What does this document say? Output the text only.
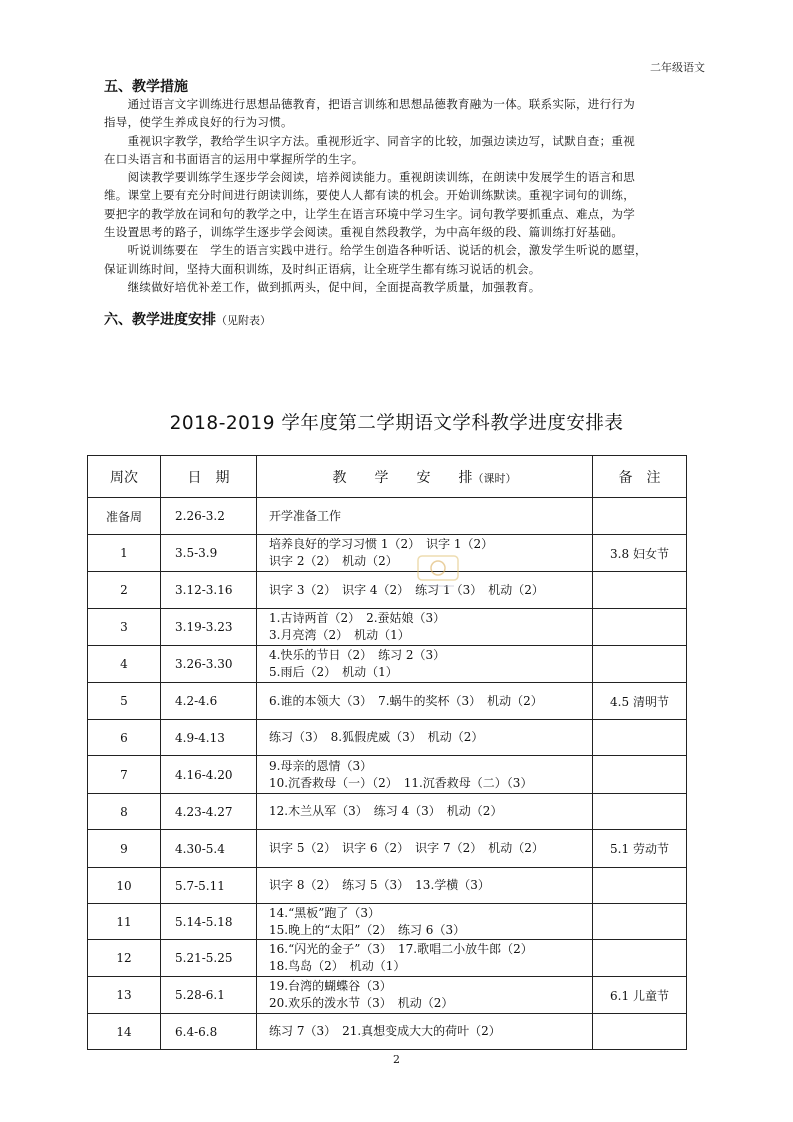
二年级语文
五、教学措施
　　通过语言文字训练进行思想品德教育，把语言训练和思想品德教育融为一体。联系实际，进行行为
指导，使学生养成良好的行为习惯。
　　重视识字教学，教给学生识字方法。重视形近字、同音字的比较，加强边读边写，试默自查；重视
在口头语言和书面语言的运用中掌握所学的生字。
　　阅读教学要训练学生逐步学会阅读，培养阅读能力。重视朗读训练，在朗读中发展学生的语言和思
维。课堂上要有充分时间进行朗读训练，要使人人都有读的机会。开始训练默读。重视字词句的训练，
要把字的教学放在词和句的教学之中，让学生在语言环境中学习生字。词句教学要抓重点、难点，为学
生设置思考的路子，训练学生逐步学会阅读。重视自然段教学，为中高年级的段、篇训练打好基础。
　　听说训练要在　学生的语言实践中进行。给学生创造各种听话、说话的机会，激发学生听说的愿望，
保证训练时间，坚持大面积训练，及时纠正语病，让全班学生都有练习说话的机会。
　　继续做好培优补差工作，做到抓两头，促中间，全面提高教学质量，加强教育。
六、教学进度安排（见附表）
2018-2019 学年度第二学期语文学科教学进度安排表
周次	日　期	教　　学　　安　　排（课时）	备　注
准备周	2.26-3.2	开学准备工作	

1	3.5-3.9	培养良好的学习习惯 1（2）　识字 1（2）
识字 2（2）　机动（2）	3.8 妇女节
2	3.12-3.16	识字 3（2）　识字 4（2）　练习 1（3）　机动（2）	

3	3.19-3.23	1.古诗两首（2）　2.蚕姑娘（3）
3.月亮湾（2）　机动（1）	

4	3.26-3.30	4.快乐的节日（2）　练习 2（3）
5.雨后（2）　机动（1）	

5	4.2-4.6	6.谁的本领大（3）　7.蜗牛的奖杯（3）　机动（2）	4.5 清明节
6	4.9-4.13	练习（3）　8.狐假虎威（3）　机动（2）	

7	4.16-4.20	9.母亲的恩情（3）
10.沉香救母（一）（2）　11.沉香救母（二）（3）	

8	4.23-4.27	12.木兰从军（3）　练习 4（3）　机动（2）	

9	4.30-5.4	识字 5（2）　识字 6（2）　识字 7（2）　机动（2）	5.1 劳动节
10	5.7-5.11	识字 8（2）　练习 5（3）　13.学横（3）	

11	5.14-5.18	14.“黑板”跑了（3）
15.晚上的“太阳”（2）　练习 6（3）	

12	5.21-5.25	16.“闪光的金子”（3）　17.歌唱二小放牛郎（2）
18.鸟岛（2）　机动（1）	

13	5.28-6.1	19.台湾的蝴蝶谷（3）
20.欢乐的泼水节（3）　机动（2）	6.1 儿童节
14	6.4-6.8	练习 7（3）　21.真想变成大大的荷叶（2）	

2
